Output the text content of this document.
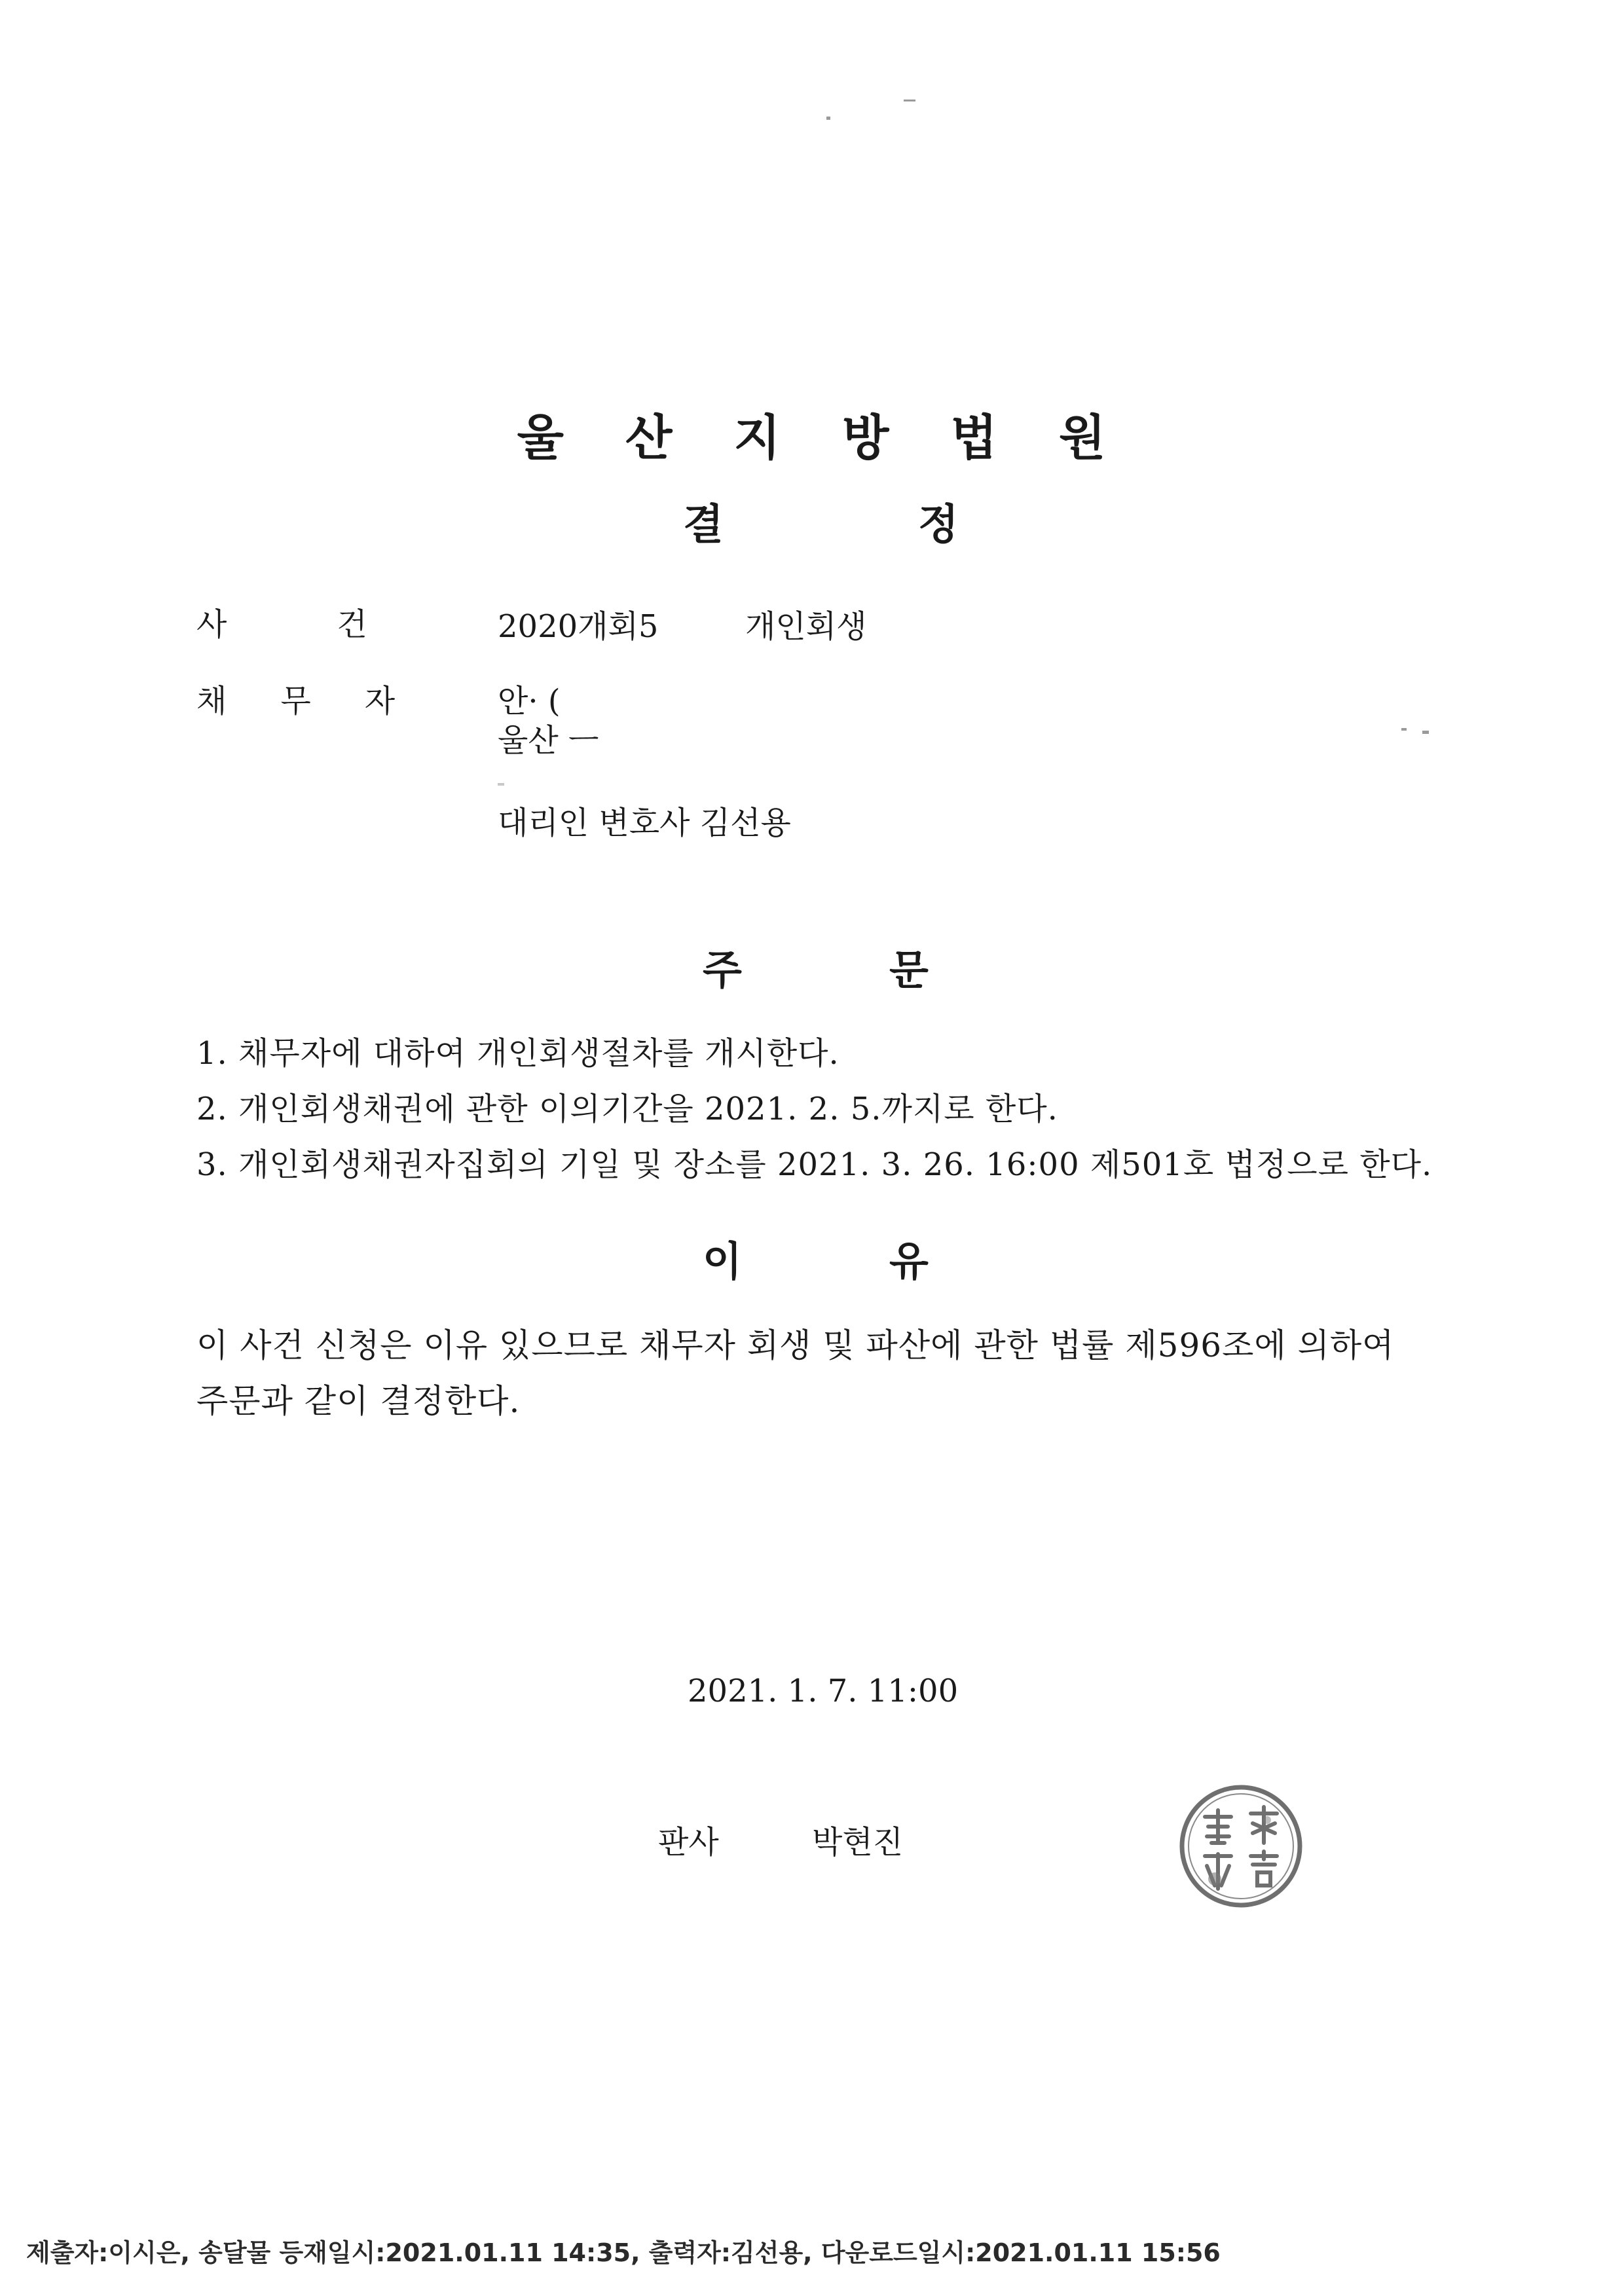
울 산 지 방 법 원
결	정
사	건	2020개회5	개인회생
채 무 자	안· (
울산 ㅡ
대리인 변호사 김선용
주	문
1. 채무자에 대하여 개인회생절차를 개시한다.
2. 개인회생채권에 관한 이의기간을 2021. 2. 5.까지로 한다.
3. 개인회생채권자집회의 기일 및 장소를 2021. 3. 26. 16:00 제501호 법정으로 한다.
이	유
이 사건 신청은 이유 있으므로 채무자 회생 및 파산에 관한 법률 제596조에 의하여
주문과 같이 결정한다.
2021. 1. 7. 11:00
판사	박현진
제출자:이시은, 송달물 등재일시:2021.01.11 14:35, 출력자:김선용, 다운로드일시:2021.01.11 15:56
